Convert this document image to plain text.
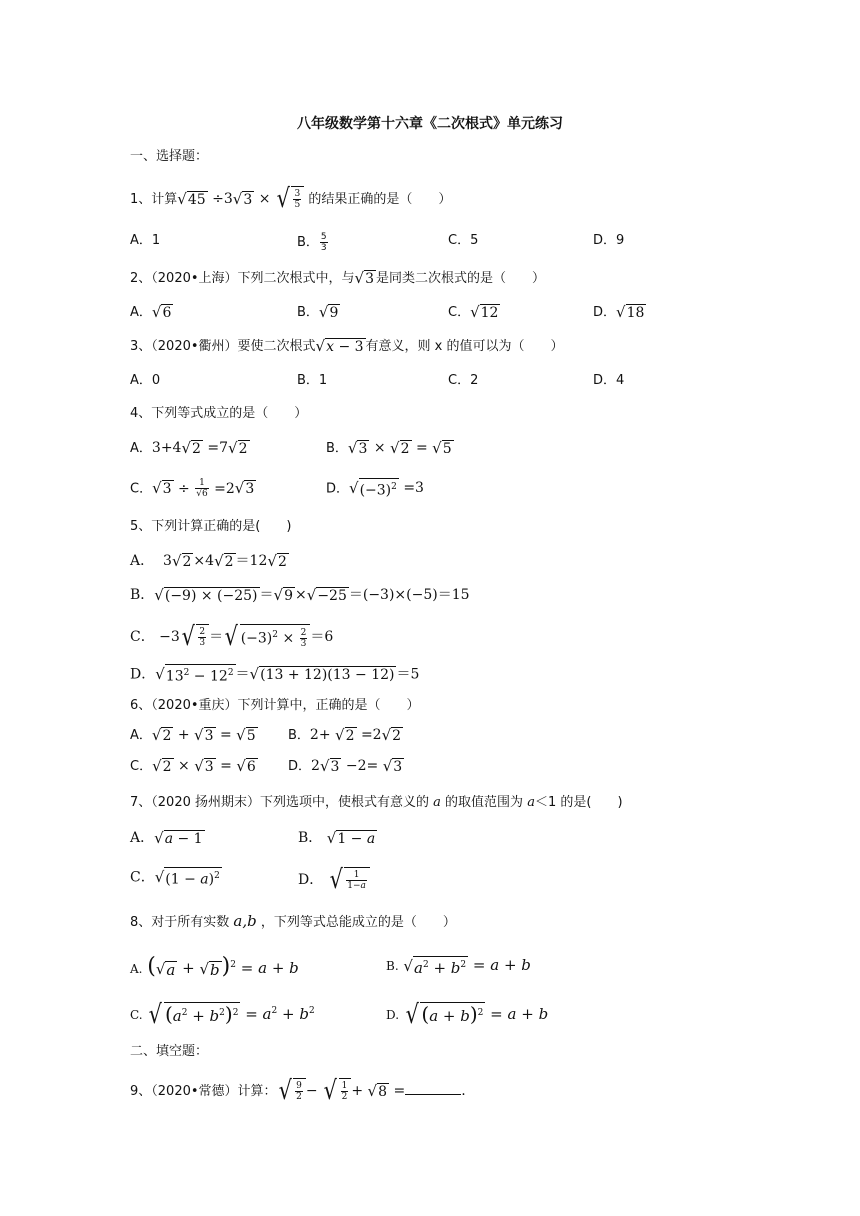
八年级数学第十六章《二次根式》单元练习
一、选择题：
1、计算 √ 45 ÷3 √ 3 × √ $\frac{3}{5}$ 的结果正确的是（　　）
A．1	B． $\frac{5}{3}$	C．5	D．9
2、（2020•上海）下列二次根式中，与 √ 3 是同类二次根式的是（　　）
A． √ 6	B． √ 9	C． √ 12	D． √ 18
3、（2020•衢州）要使二次根式 √ x − 3 有意义，则 x 的值可以为（　　）
A．0	B．1	C．2	D．4
4、下列等式成立的是（　　）
A．3+4 √ 2 =7 √ 2	B． √ 3 × √ 2 = √ 5
C． √ $3 \div \frac{1}{√6} =2$ √ 3	D． √ $(-3)^2 =3$
5、下列计算正确的是(　　)
A．  3 √ 2 ×4 √ 2 ＝12 √ 2
B． √ (−9) × (−25) ＝ √ 9 × √ −25 ＝(−3)×(−5)＝15
C． −3 √ $\frac{2}{3}$ ＝ √ $(-3)^2 \times \frac{2}{3} =6$
D． √ $13^2 - 12^2$ ＝ √ (13 + 12)(13 − 12) ＝5
6、（2020•重庆）下列计算中，正确的是（　　）
A． √ 2 + √ 3 = √ 5 B．2+ √ 2 =2 √ 2
C． √ 2 × √ 3 = √ 6 D．2 √ 3 −2= √ 3
7、（2020 扬州期末）下列选项中，使根式有意义的 a 的取值范围为 a＜1 的是(　　)
A． √ a − 1	B． √ 1 − a
C． √ $(1 - a)^2$	D． √ $\frac{1}{1-a}$
8、对于所有实数 a,b ，下列等式总能成立的是（　　）
A. ( √ a + √ b )$^2$ = a + b	B. √ $a^2 + b^2 = a + b$
C. √ $(a^2 + b^2)^2 = a^2 + b^2$	D. √ $(a + b)^2 = a + b$
二、填空题：
9、（2020•常德）计算： √ $\frac{9}{2}$ − √ $\frac{1}{2}$ + √ 8 =	.
